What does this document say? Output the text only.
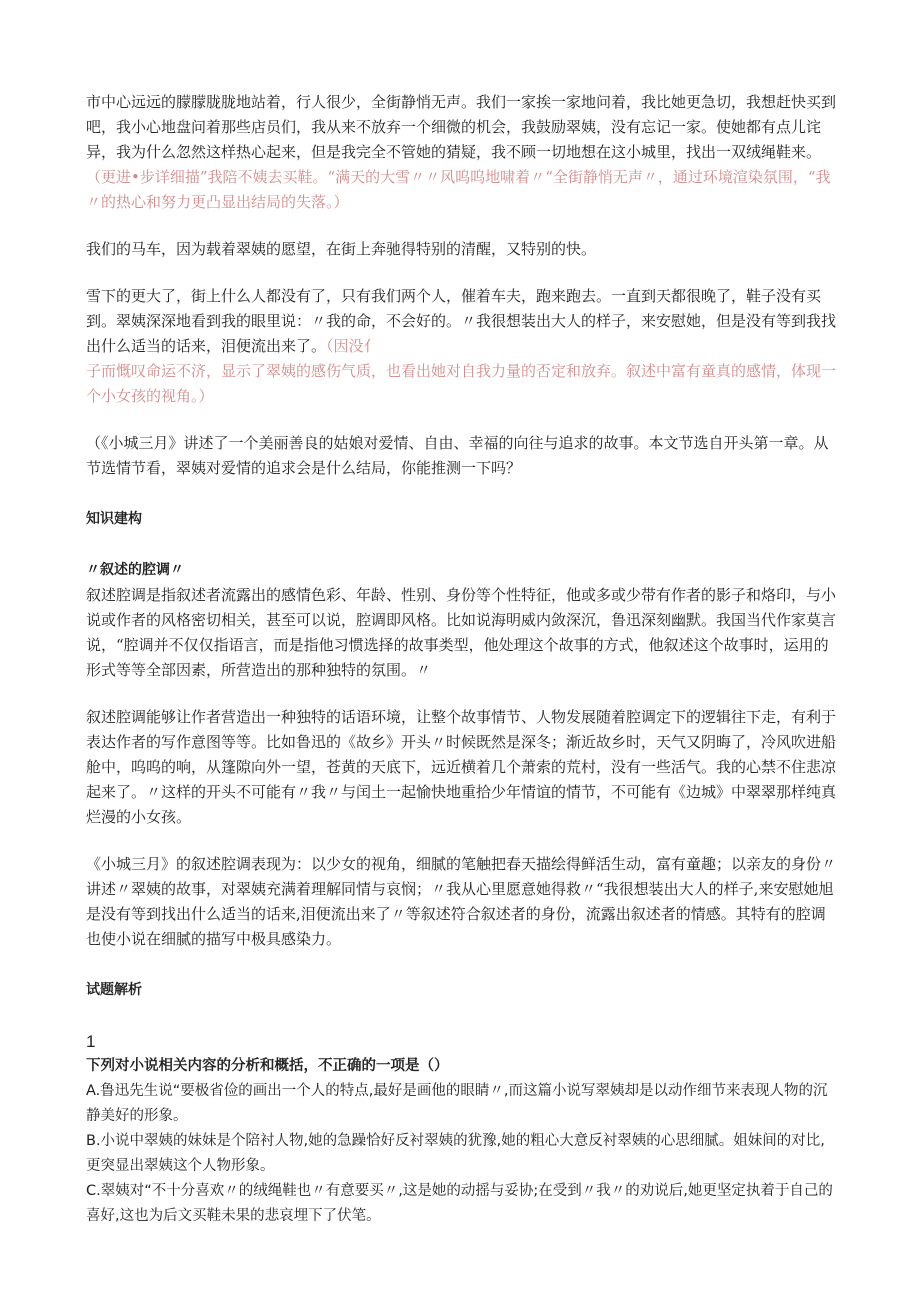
市中心远远的朦朦胧胧地站着，行人很少，全街静悄无声。我们一家挨一家地问着，我比她更急切，我想赶快买到吧，我小心地盘问着那些店员们，我从来不放弃一个细微的机会，我鼓励翠姨，没有忘记一家。使她都有点儿诧异，我为什么忽然这样热心起来，但是我完全不管她的猜疑，我不顾一切地想在这小城里，找出一双绒绳鞋来。（更进•步详细描”我陪不姨去买鞋。“满天的大雪〃〃风呜呜地啸着〃“全街静悄无声〃，通过环境渲染氛围，“我〃的热心和努力更凸显出结局的失落。）

我们的马车，因为载着翠姨的愿望，在街上奔驰得特别的清醒，又特别的快。

雪下的更大了，街上什么人都没有了，只有我们两个人，催着车夫，跑来跑去。一直到天都很晚了，鞋子没有买到。翠姨深深地看到我的眼里说：〃我的命，不会好的。〃我很想装出大人的样子，来安慰她，但是没有等到我找出什么适当的话来，泪便流出来了。（因没亻

子而慨叹命运不济，显示了翠姨的感伤气质，也看出她对自我力量的否定和放弃。叙述中富有童真的感情，体现一个小女孩的视角。）

（《小城三月》讲述了一个美丽善良的姑娘对爱情、自由、幸福的向往与追求的故事。本文节选自开头第一章。从节选情节看，翠姨对爱情的追求会是什么结局，你能推测一下吗？

知识建构

〃叙述的腔调〃

叙述腔调是指叙述者流露出的感情色彩、年龄、性别、身份等个性特征，他或多或少带有作者的影子和烙印，与小说或作者的风格密切相关，甚至可以说，腔调即风格。比如说海明威内敛深沉，鲁迅深刻幽默。我国当代作家莫言说，“腔调并不仅仅指语言，而是指他习惯选择的故事类型，他处理这个故事的方式，他叙述这个故事时，运用的形式等等全部因素，所营造出的那种独特的氛围。〃

叙述腔调能够让作者营造出一种独特的话语环境，让整个故事情节、人物发展随着腔调定下的逻辑往下走，有利于表达作者的写作意图等等。比如鲁迅的《故乡》开头〃时候既然是深冬；渐近故乡时，天气又阴晦了，冷风吹进船舱中，呜呜的响，从篷隙向外一望，苍黄的天底下，远近横着几个萧索的荒村，没有一些活气。我的心禁不住悲凉起来了。〃这样的开头不可能有〃我〃与闰土一起愉快地重拾少年情谊的情节，不可能有《边城》中翠翠那样纯真烂漫的小女孩。

《小城三月》的叙述腔调表现为：以少女的视角，细腻的笔触把春天描绘得鲜活生动，富有童趣；以亲友的身份〃讲述〃翠姨的故事，对翠姨充满着理解同情与哀悯；〃我从心里愿意她得救〃“我很想装出大人的样子,来安慰她旭是没有等到找出什么适当的话来,泪便流出来了〃等叙述符合叙述者的身份，流露出叙述者的情感。其特有的腔调也使小说在细腻的描写中极具感染力。

试题解析

1

下列对小说相关内容的分析和概括，不正确的一项是（）

A.鲁迅先生说“要极省俭的画出一个人的特点,最好是画他的眼睛〃,而这篇小说写翠姨却是以动作细节来表现人物的沉静美好的形象。

B.小说中翠姨的妹妹是个陪衬人物,她的急躁恰好反衬翠姨的犹豫,她的粗心大意反衬翠姨的心思细腻。姐妹间的对比,更突显出翠姨这个人物形象。

C.翠姨对“不十分喜欢〃的绒绳鞋也〃有意要买〃,这是她的动摇与妥协;在受到〃我〃的劝说后,她更坚定执着于自己的喜好,这也为后文买鞋未果的悲哀埋下了伏笔。
